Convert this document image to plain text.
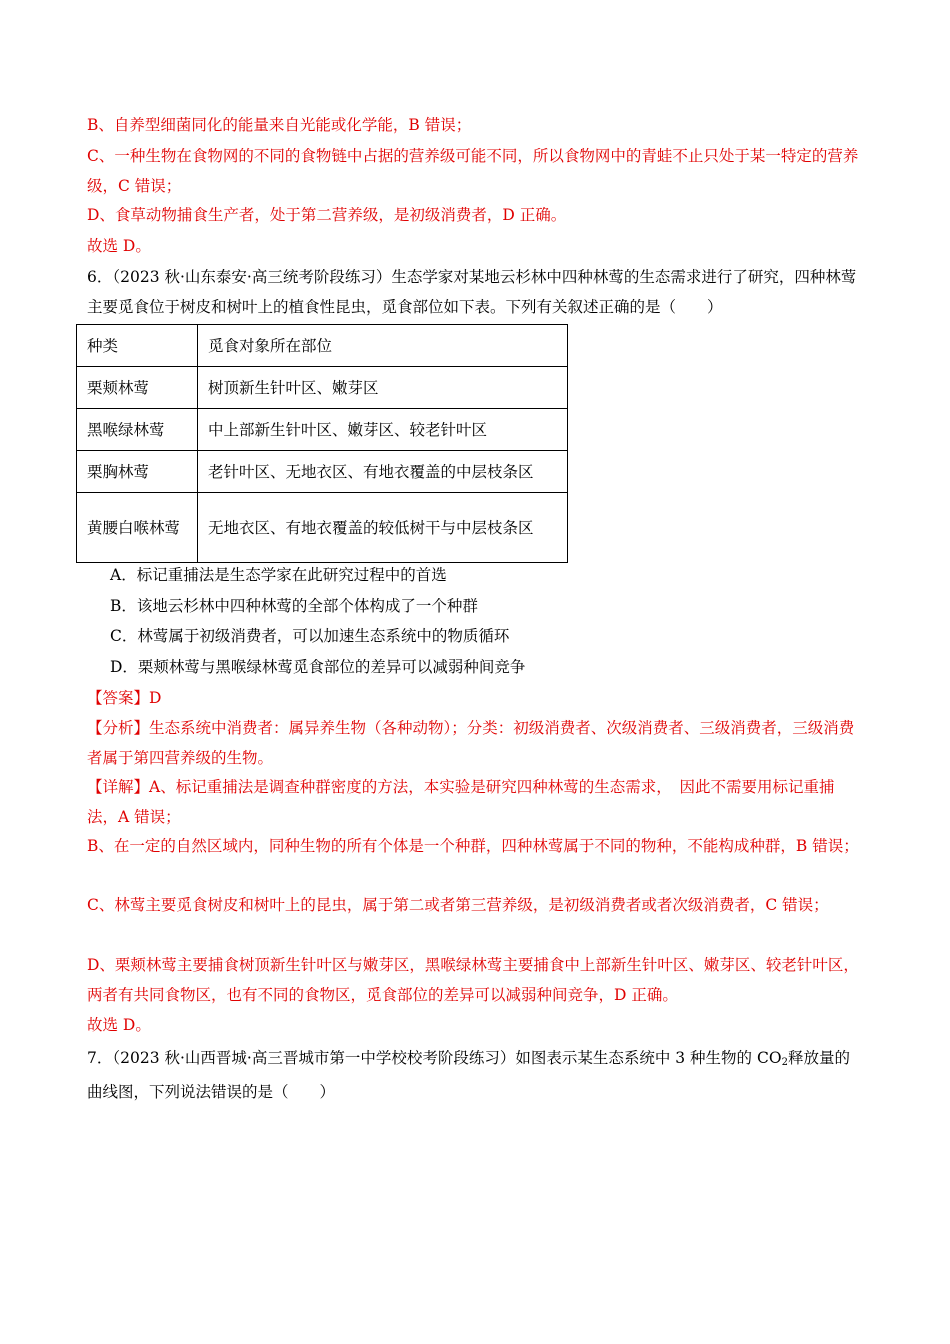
B、自养型细菌同化的能量来自光能或化学能，B 错误；
C、一种生物在食物网的不同的食物链中占据的营养级可能不同，所以食物网中的青蛙不止只处于某一特定的营养级，C 错误；
D、食草动物捕食生产者，处于第二营养级，是初级消费者，D 正确。
故选 D。
6．（2023 秋·山东泰安·高三统考阶段练习）生态学家对某地云杉林中四种林莺的生态需求进行了研究，四种林莺主要觅食位于树皮和树叶上的植食性昆虫，觅食部位如下表。下列有关叙述正确的是（　　）
种类	觅食对象所在部位
栗颊林莺	树顶新生针叶区、嫩芽区
黑喉绿林莺	中上部新生针叶区、嫩芽区、较老针叶区
栗胸林莺	老针叶区、无地衣区、有地衣覆盖的中层枝条区
黄腰白喉林莺	无地衣区、有地衣覆盖的较低树干与中层枝条区
A．标记重捕法是生态学家在此研究过程中的首选
B．该地云杉林中四种林莺的全部个体构成了一个种群
C．林莺属于初级消费者，可以加速生态系统中的物质循环
D．栗颊林莺与黑喉绿林莺觅食部位的差异可以减弱种间竞争
【答案】D
【分析】生态系统中消费者：属异养生物（各种动物）；分类：初级消费者、次级消费者、三级消费者，三级消费者属于第四营养级的生物。
【详解】A、标记重捕法是调查种群密度的方法，本实验是研究四种林莺的生态需求，　因此不需要用标记重捕法，A 错误；
B、在一定的自然区域内，同种生物的所有个体是一个种群，四种林莺属于不同的物种，不能构成种群，B 错误；
C、林莺主要觅食树皮和树叶上的昆虫，属于第二或者第三营养级，是初级消费者或者次级消费者，C 错误；
D、栗颊林莺主要捕食树顶新生针叶区与嫩芽区，黑喉绿林莺主要捕食中上部新生针叶区、嫩芽区、较老针叶区，两者有共同食物区，也有不同的食物区，觅食部位的差异可以减弱种间竞争，D 正确。
故选 D。
7．（2023 秋·山西晋城·高三晋城市第一中学校校考阶段练习）如图表示某生态系统中 3 种生物的 $CO_2$释放量的曲线图，下列说法错误的是（　　）
